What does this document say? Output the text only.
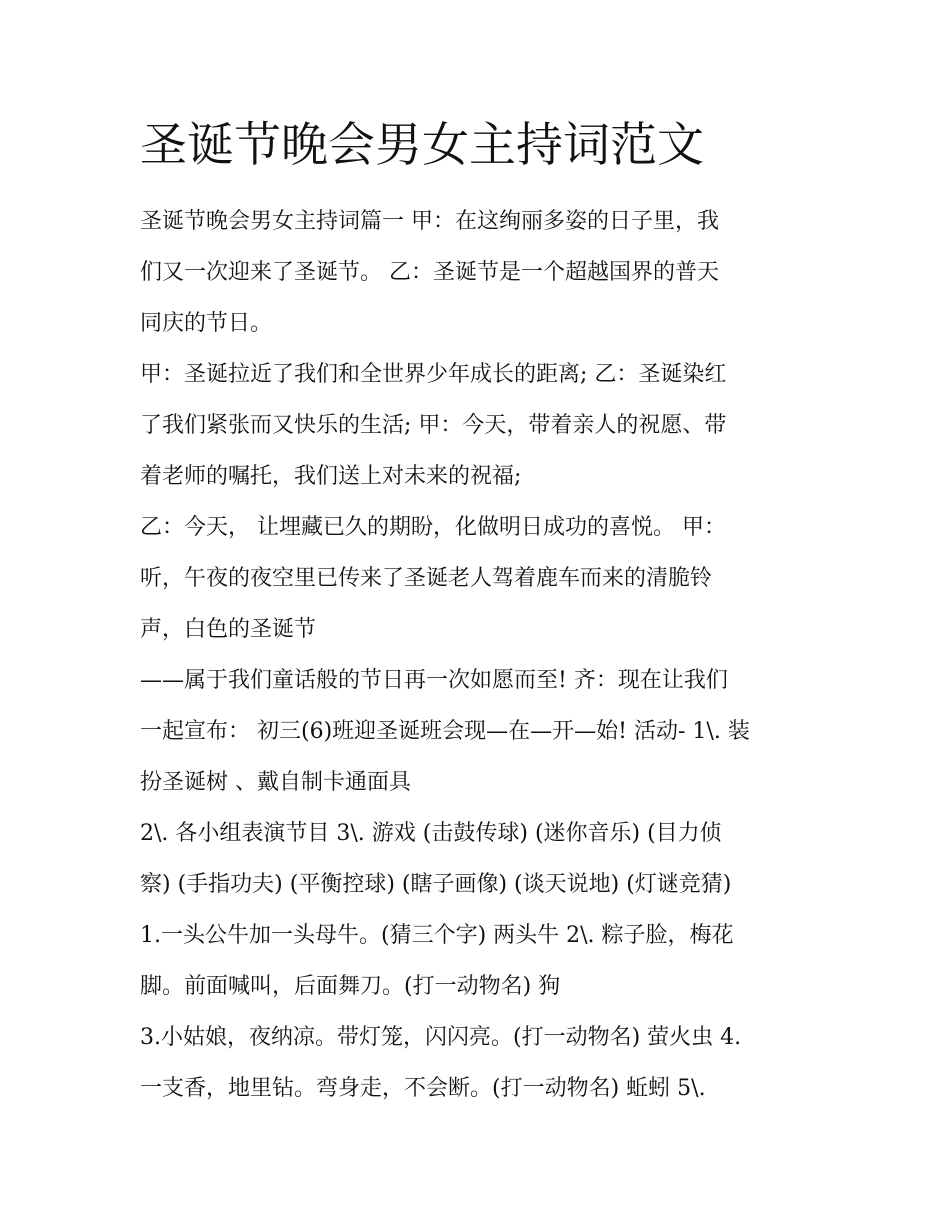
圣诞节晚会男女主持词范文

圣诞节晚会男女主持词篇一 甲：在这绚丽多姿的日子里，我

们又一次迎来了圣诞节。 乙：圣诞节是一个超越国界的普天

同庆的节日。

甲：圣诞拉近了我们和全世界少年成长的距离; 乙：圣诞染红

了我们紧张而又快乐的生活; 甲：今天，带着亲人的祝愿、带

着老师的嘱托，我们送上对未来的祝福;

乙：今天， 让埋藏已久的期盼，化做明日成功的喜悦。 甲：

听，午夜的夜空里已传来了圣诞老人驾着鹿车而来的清脆铃

声，白色的圣诞节

——属于我们童话般的节日再一次如愿而至! 齐：现在让我们

一起宣布： 初三(6)班迎圣诞班会现—在—开—始! 活动- 1\. 装

扮圣诞树 、戴自制卡通面具

2\. 各小组表演节目 3\. 游戏 (击鼓传球) (迷你音乐) (目力侦

察) (手指功夫) (平衡控球) (瞎子画像) (谈天说地) (灯谜竞猜)

1.一头公牛加一头母牛。(猜三个字) 两头牛 2\. 粽子脸，梅花

脚。前面喊叫，后面舞刀。(打一动物名) 狗

3.小姑娘，夜纳凉。带灯笼，闪闪亮。(打一动物名) 萤火虫 4.

一支香，地里钻。弯身走，不会断。(打一动物名) 蚯蚓 5\.
